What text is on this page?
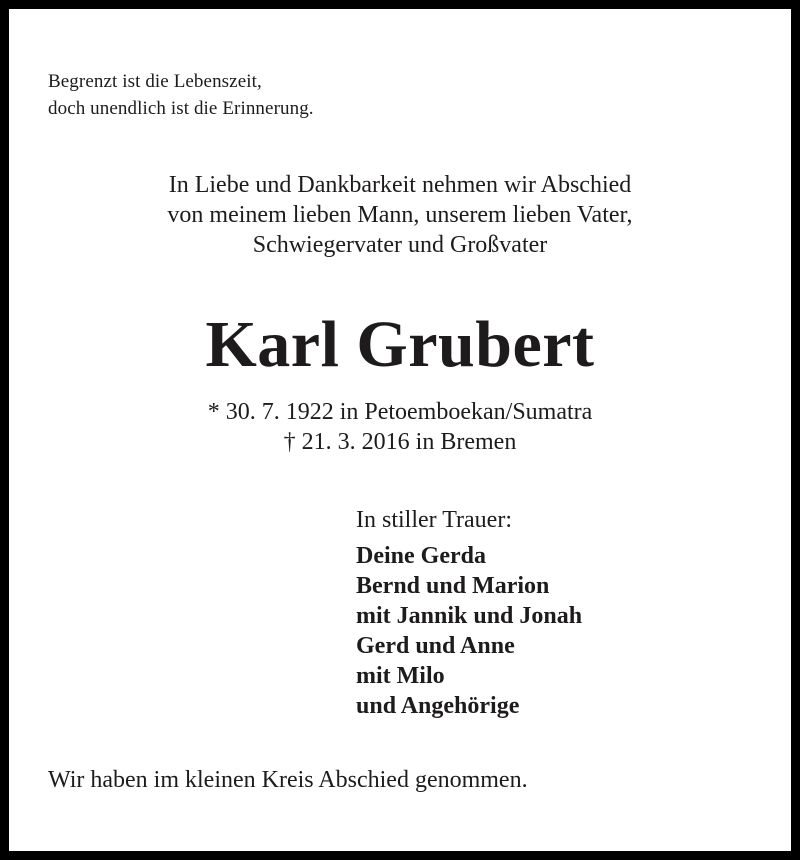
Begrenzt ist die Lebenszeit,
doch unendlich ist die Erinnerung.
In Liebe und Dankbarkeit nehmen wir Abschied
von meinem lieben Mann, unserem lieben Vater,
Schwiegervater und Großvater
Karl Grubert
* 30. 7. 1922 in Petoemboekan/Sumatra
† 21. 3. 2016 in Bremen
In stiller Trauer:
Deine Gerda
Bernd und Marion
mit Jannik und Jonah
Gerd und Anne
mit Milo
und Angehörige
Wir haben im kleinen Kreis Abschied genommen.
